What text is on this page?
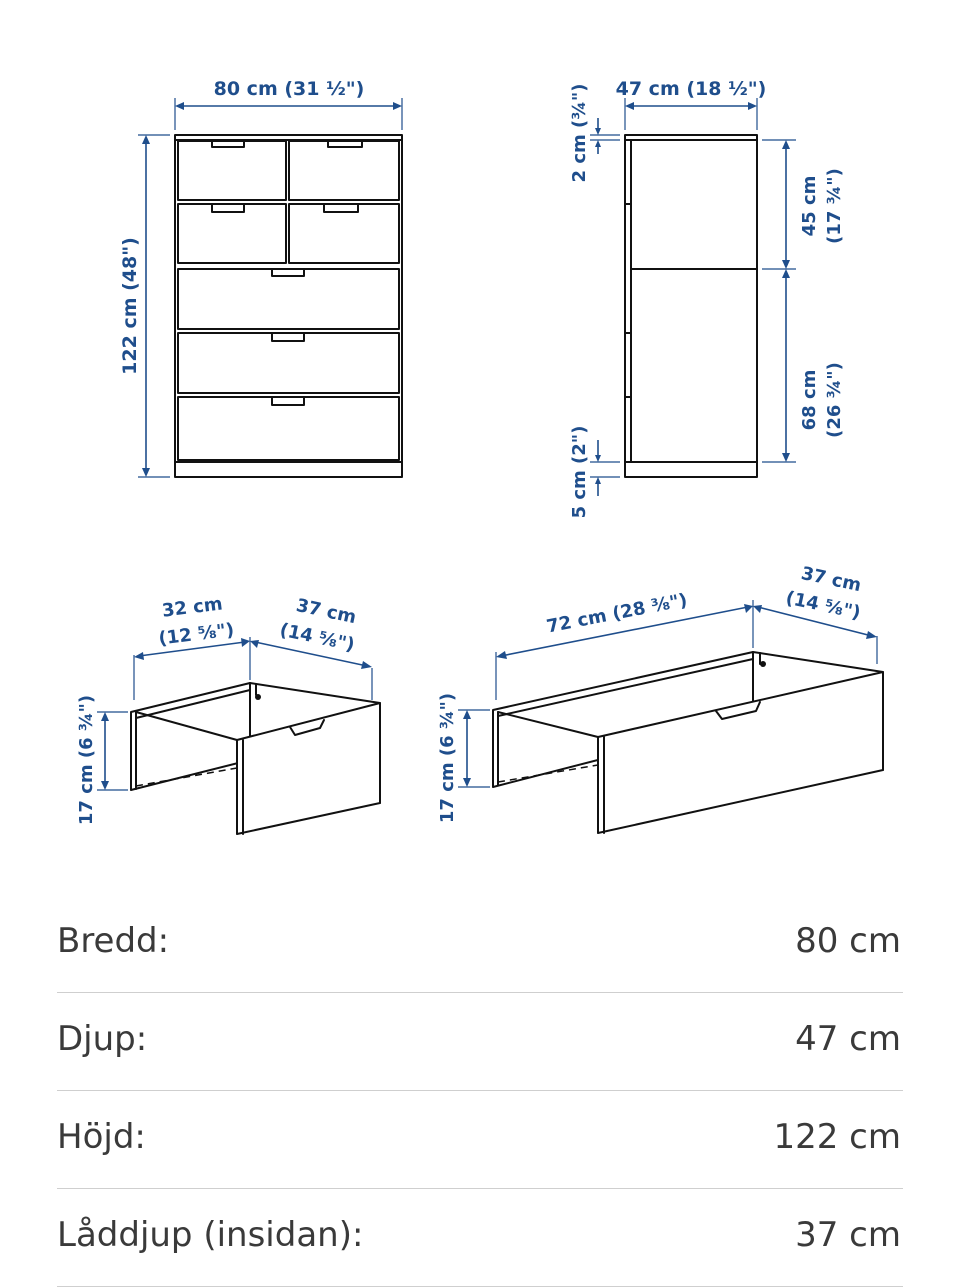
80 cm (31 ½")
122 cm (48")
47 cm (18 ½")
2 cm (¾")
45 cm (17 ¾")
68 cm (26 ¾")
5 cm (2")
32 cm
(12 ⅝")
37 cm
(14 ⅝")
17 cm (6 ¾")
72 cm (28 ⅜")
37 cm
(14 ⅝")
17 cm (6 ¾")
Bredd:	80 cm
Djup:	47 cm
Höjd:	122 cm
Låddjup (insidan):	37 cm
